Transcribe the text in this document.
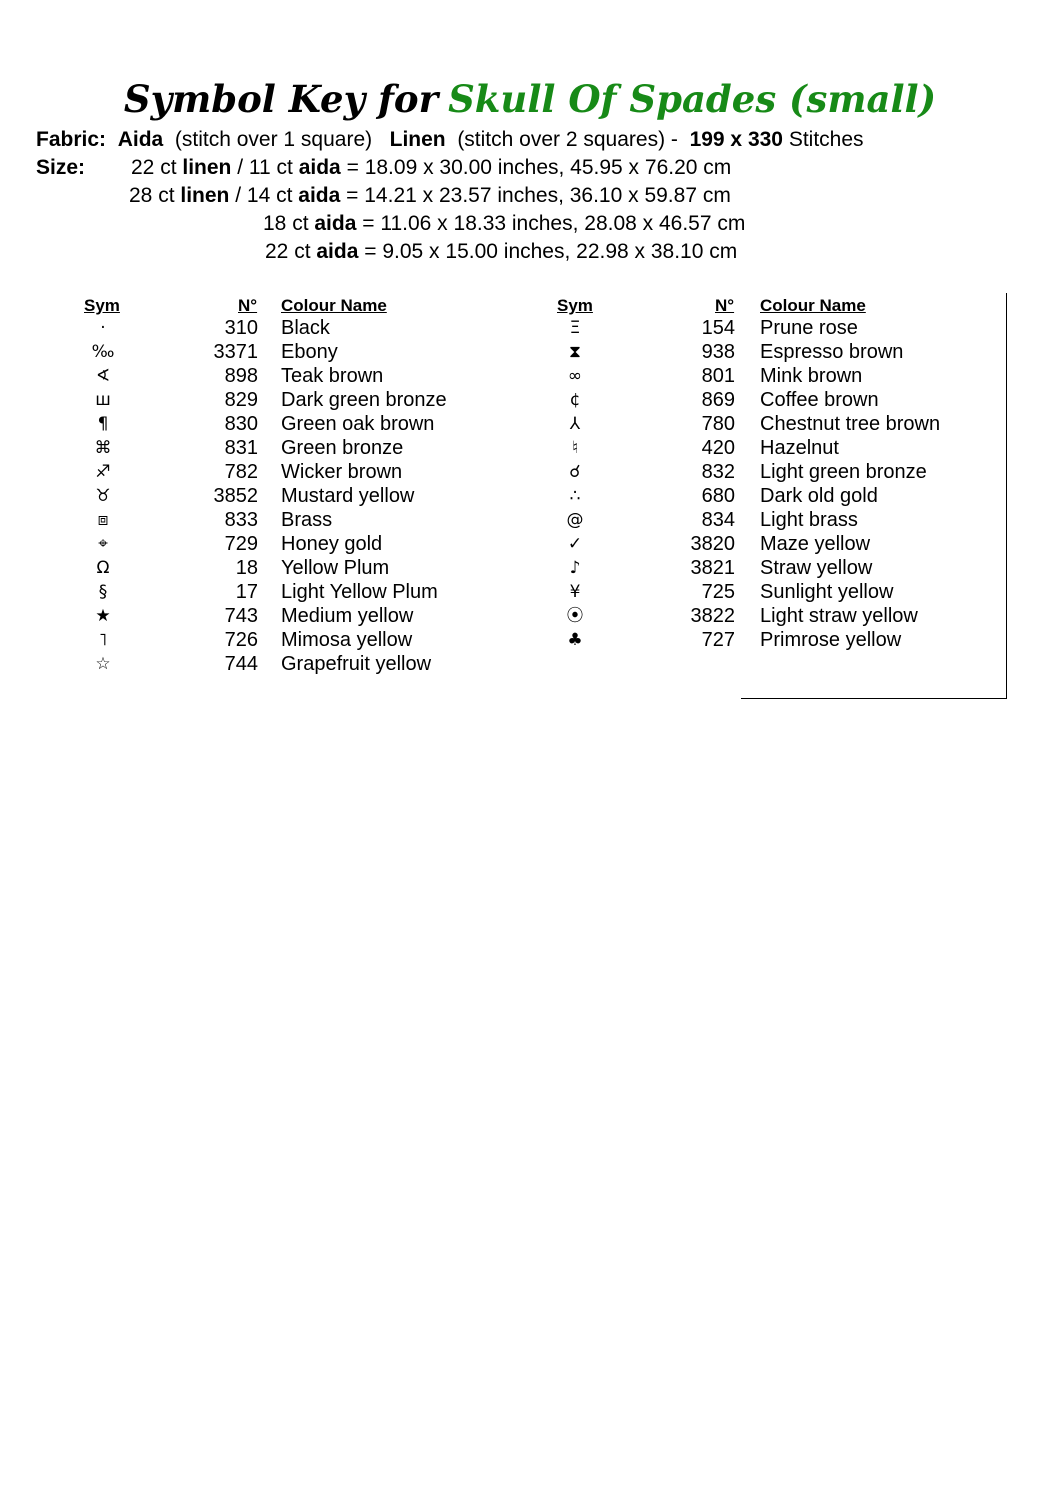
Symbol Key for Skull Of Spades (small)
Fabric: Aida (stitch over 1 square) Linen (stitch over 2 squares) - 199 x 330 Stitches
Size: 22 ct linen / 11 ct aida = 18.09 x 30.00 inches, 45.95 x 76.20 cm
28 ct linen / 14 ct aida = 14.21 x 23.57 inches, 36.10 x 59.87 cm
18 ct aida = 11.06 x 18.33 inches, 28.08 x 46.57 cm
22 ct aida = 9.05 x 15.00 inches, 22.98 x 38.10 cm
Sym	N° Colour Name	Sym	N° Colour Name
·	310 Black
‰	3371 Ebony
∢	898 Teak brown
ш	829 Dark green bronze
¶	830 Green oak brown
⌘	831 Green bronze
♐	782 Wicker brown
♉	3852 Mustard yellow
⧈	833 Brass
⌖	729 Honey gold
Ω	18 Yellow Plum
§	17 Light Yellow Plum
★	743 Medium yellow
˥	726 Mimosa yellow
☆	744 Grapefruit yellow
Ξ	154 Prune rose
⧗	938 Espresso brown
∞	801 Mink brown
¢	869 Coffee brown
⅄	780 Chestnut tree brown
♮	420 Hazelnut
☌	832 Light green bronze
∴	680 Dark old gold
@	834 Light brass
✓	3820 Maze yellow
♪	3821 Straw yellow
¥	725 Sunlight yellow
⦿	3822 Light straw yellow
♣	727 Primrose yellow
